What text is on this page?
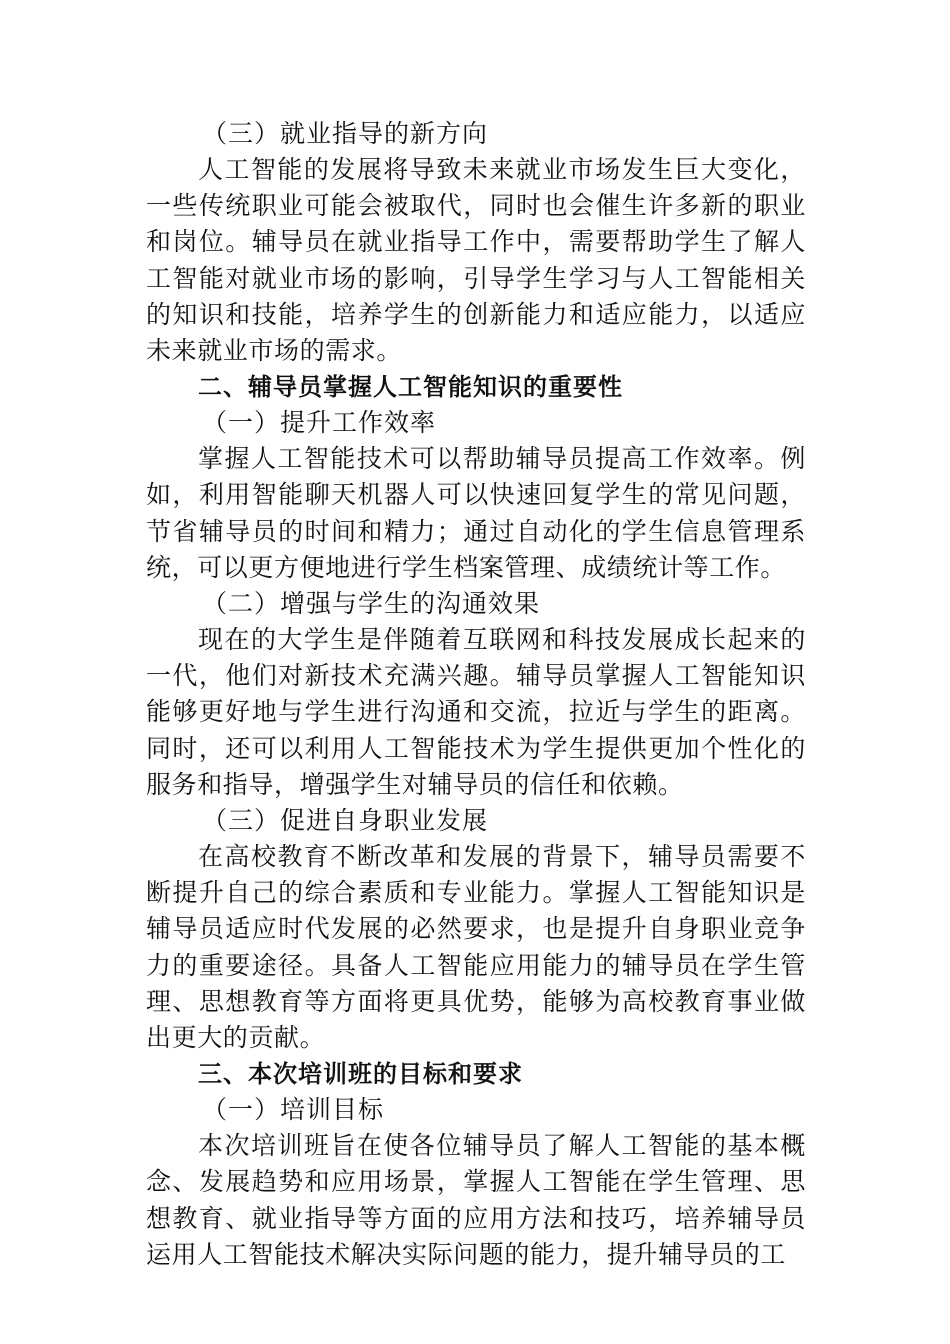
（三）就业指导的新方向

人工智能的发展将导致未来就业市场发生巨大变化，一些传统职业可能会被取代，同时也会催生许多新的职业和岗位。辅导员在就业指导工作中，需要帮助学生了解人工智能对就业市场的影响，引导学生学习与人工智能相关的知识和技能，培养学生的创新能力和适应能力，以适应未来就业市场的需求。

二、辅导员掌握人工智能知识的重要性
（一）提升工作效率

掌握人工智能技术可以帮助辅导员提高工作效率。例如，利用智能聊天机器人可以快速回复学生的常见问题，节省辅导员的时间和精力；通过自动化的学生信息管理系统，可以更方便地进行学生档案管理、成绩统计等工作。

（二）增强与学生的沟通效果

现在的大学生是伴随着互联网和科技发展成长起来的一代，他们对新技术充满兴趣。辅导员掌握人工智能知识能够更好地与学生进行沟通和交流，拉近与学生的距离。同时，还可以利用人工智能技术为学生提供更加个性化的服务和指导，增强学生对辅导员的信任和依赖。

（三）促进自身职业发展

在高校教育不断改革和发展的背景下，辅导员需要不断提升自己的综合素质和专业能力。掌握人工智能知识是辅导员适应时代发展的必然要求，也是提升自身职业竞争力的重要途径。具备人工智能应用能力的辅导员在学生管理、思想教育等方面将更具优势，能够为高校教育事业做出更大的贡献。

三、本次培训班的目标和要求
（一）培训目标

本次培训班旨在使各位辅导员了解人工智能的基本概念、发展趋势和应用场景，掌握人工智能在学生管理、思想教育、就业指导等方面的应用方法和技巧，培养辅导员运用人工智能技术解决实际问题的能力，提升辅导员的工
